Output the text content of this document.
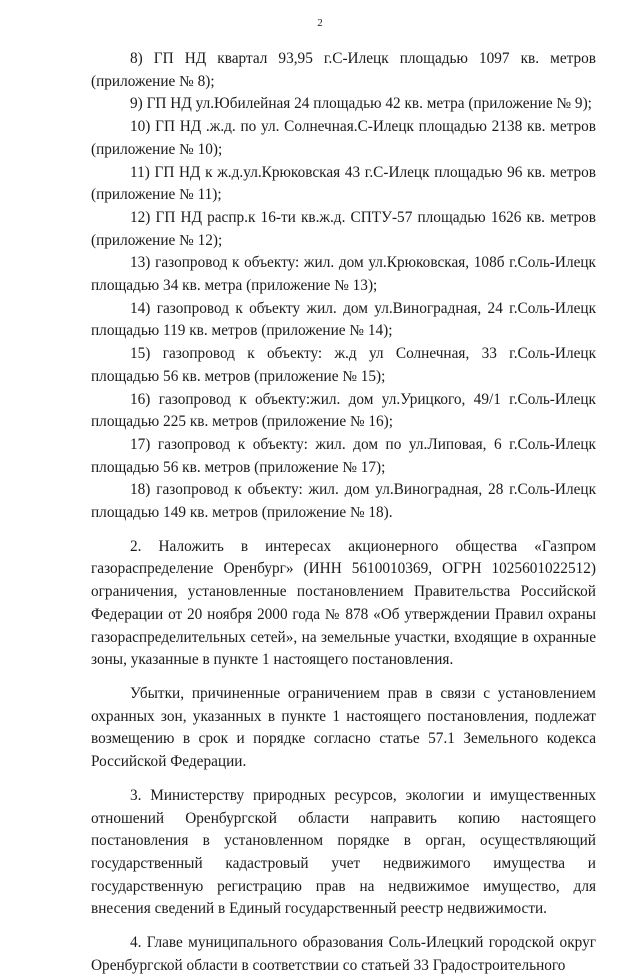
2
8) ГП НД квартал 93,95 г.С-Илецк площадью 1097 кв. метров (приложение № 8);
9) ГП НД ул.Юбилейная 24 площадью 42 кв. метра (приложение № 9);
10) ГП НД .ж.д. по ул. Солнечная.С-Илецк площадью 2138 кв. метров (приложение № 10);
11) ГП НД к ж.д.ул.Крюковская 43 г.С-Илецк площадью 96 кв. метров (приложение № 11);
12) ГП НД распр.к 16-ти кв.ж.д. СПТУ-57 площадью 1626 кв. метров (приложение № 12);
13) газопровод к объекту: жил. дом ул.Крюковская, 108б г.Соль-Илецк площадью 34 кв. метра (приложение № 13);
14) газопровод к объекту жил. дом ул.Виноградная, 24 г.Соль-Илецк площадью 119 кв. метров (приложение № 14);
15) газопровод к объекту: ж.д ул Солнечная, 33 г.Соль-Илецк площадью 56 кв. метров (приложение № 15);
16) газопровод к объекту:жил. дом ул.Урицкого, 49/1 г.Соль-Илецк площадью 225 кв. метров (приложение № 16);
17) газопровод к объекту: жил. дом по ул.Липовая, 6 г.Соль-Илецк площадью 56 кв. метров (приложение № 17);
18) газопровод к объекту: жил. дом ул.Виноградная, 28 г.Соль-Илецк площадью 149 кв. метров (приложение № 18).
2. Наложить в интересах акционерного общества «Газпром газораспределение Оренбург» (ИНН 5610010369, ОГРН 1025601022512) ограничения, установленные постановлением Правительства Российской Федерации от 20 ноября 2000 года № 878 «Об утверждении Правил охраны газораспределительных сетей», на земельные участки, входящие в охранные зоны, указанные в пункте 1 настоящего постановления.
Убытки, причиненные ограничением прав в связи с установлением охранных зон, указанных в пункте 1 настоящего постановления, подлежат возмещению в срок и порядке согласно статье 57.1 Земельного кодекса Российской Федерации.
3. Министерству природных ресурсов, экологии и имущественных отношений Оренбургской области направить копию настоящего постановления в установленном порядке в орган, осуществляющий государственный кадастровый учет недвижимого имущества и государственную регистрацию прав на недвижимое имущество, для внесения сведений в Единый государственный реестр недвижимости.
4. Главе муниципального образования Соль-Илецкий городской округ Оренбургской области в соответствии со статьей 33 Градостроительного
